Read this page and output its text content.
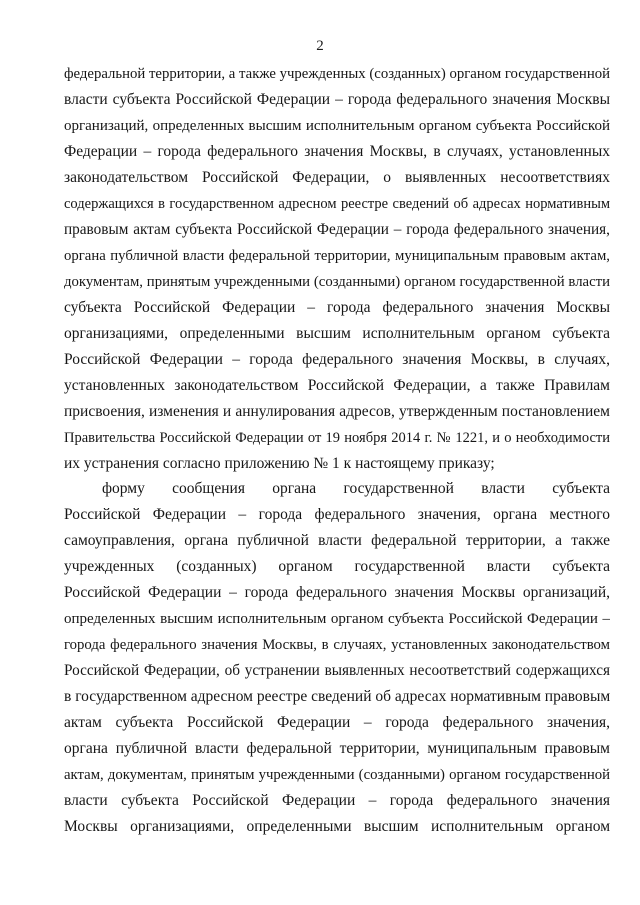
2
федеральной территории, а также учрежденных (созданных) органом государственной
власти субъекта Российской Федерации – города федерального значения Москвы
организаций, определенных высшим исполнительным органом субъекта Российской
Федерации – города федерального значения Москвы, в случаях, установленных
законодательством Российской Федерации, о выявленных несоответствиях
содержащихся в государственном адресном реестре сведений об адресах нормативным
правовым актам субъекта Российской Федерации – города федерального значения,
органа публичной власти федеральной территории, муниципальным правовым актам,
документам, принятым учрежденными (созданными) органом государственной власти
субъекта Российской Федерации – города федерального значения Москвы
организациями, определенными высшим исполнительным органом субъекта
Российской Федерации – города федерального значения Москвы, в случаях,
установленных законодательством Российской Федерации, а также Правилам
присвоения, изменения и аннулирования адресов, утвержденным постановлением
Правительства Российской Федерации от 19 ноября 2014 г. № 1221, и о необходимости
их устранения согласно приложению № 1 к настоящему приказу;
форму сообщения органа государственной власти субъекта
Российской Федерации – города федерального значения, органа местного
самоуправления, органа публичной власти федеральной территории, а также
учрежденных (созданных) органом государственной власти субъекта
Российской Федерации – города федерального значения Москвы организаций,
определенных высшим исполнительным органом субъекта Российской Федерации –
города федерального значения Москвы, в случаях, установленных законодательством
Российской Федерации, об устранении выявленных несоответствий содержащихся
в государственном адресном реестре сведений об адресах нормативным правовым
актам субъекта Российской Федерации – города федерального значения,
органа публичной власти федеральной территории, муниципальным правовым
актам, документам, принятым учрежденными (созданными) органом государственной
власти субъекта Российской Федерации – города федерального значения
Москвы организациями, определенными высшим исполнительным органом
